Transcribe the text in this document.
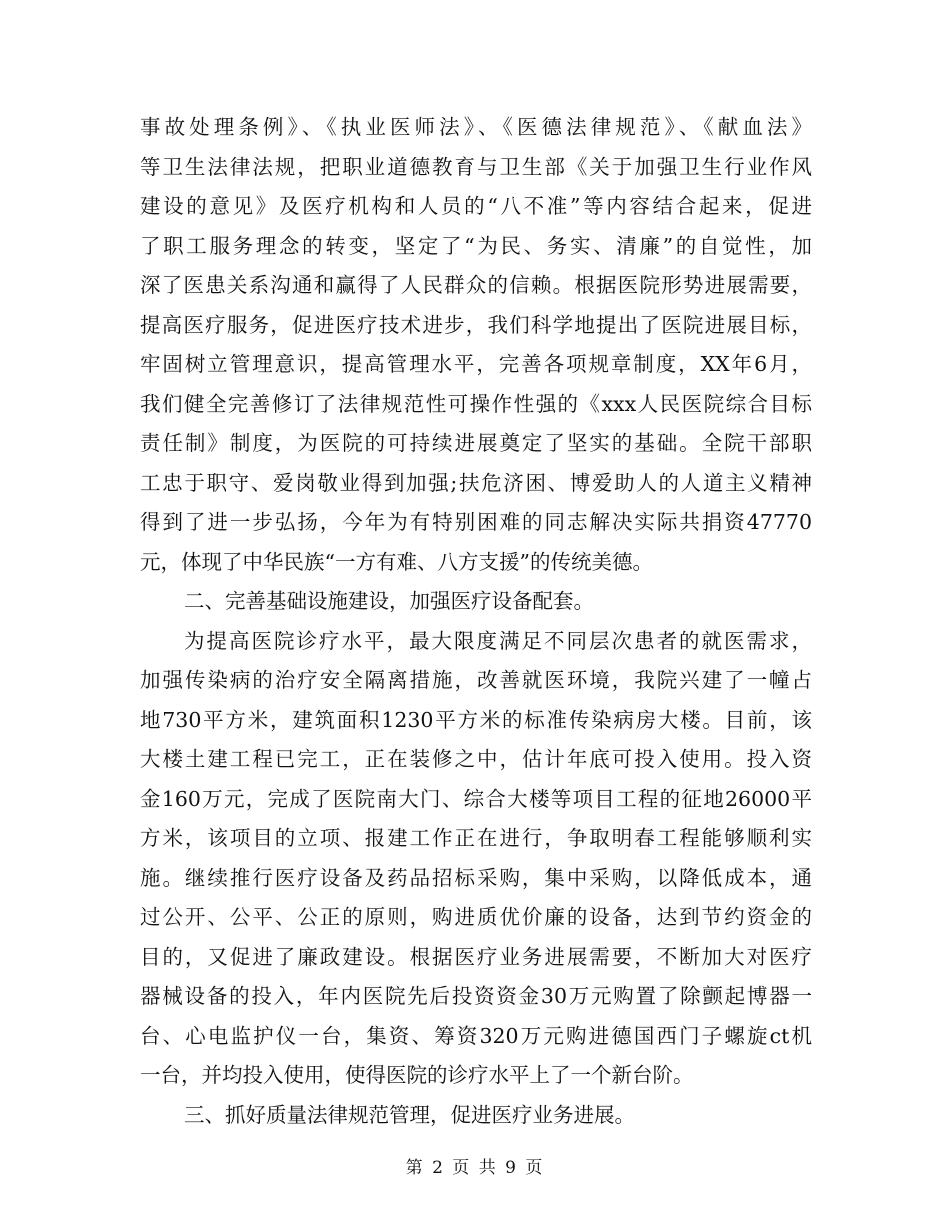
事故处理条例》、《执业医师法》、《医德法律规范》、《献血法》
等卫生法律法规，把职业道德教育与卫生部《关于加强卫生行业作风
建设的意见》及医疗机构和人员的“八不准”等内容结合起来，促进
了职工服务理念的转变，坚定了“为民、务实、清廉”的自觉性，加
深了医患关系沟通和赢得了人民群众的信赖。根据医院形势进展需要，
提高医疗服务，促进医疗技术进步，我们科学地提出了医院进展目标，
牢固树立管理意识，提高管理水平，完善各项规章制度，XX年6月，
我们健全完善修订了法律规范性可操作性强的《xxx人民医院综合目标
责任制》制度，为医院的可持续进展奠定了坚实的基础。全院干部职
工忠于职守、爱岗敬业得到加强;扶危济困、博爱助人的人道主义精神
得到了进一步弘扬，今年为有特别困难的同志解决实际共捐资47770
元，体现了中华民族“一方有难、八方支援”的传统美德。
二、完善基础设施建设，加强医疗设备配套。
为提高医院诊疗水平，最大限度满足不同层次患者的就医需求，
加强传染病的治疗安全隔离措施，改善就医环境，我院兴建了一幢占
地730平方米，建筑面积1230平方米的标准传染病房大楼。目前，该
大楼土建工程已完工，正在装修之中，估计年底可投入使用。投入资
金160万元，完成了医院南大门、综合大楼等项目工程的征地26000平
方米，该项目的立项、报建工作正在进行，争取明春工程能够顺利实
施。继续推行医疗设备及药品招标采购，集中采购，以降低成本，通
过公开、公平、公正的原则，购进质优价廉的设备，达到节约资金的
目的，又促进了廉政建设。根据医疗业务进展需要，不断加大对医疗
器械设备的投入，年内医院先后投资资金30万元购置了除颤起博器一
台、心电监护仪一台，集资、筹资320万元购进德国西门子螺旋ct机
一台，并均投入使用，使得医院的诊疗水平上了一个新台阶。
三、抓好质量法律规范管理，促进医疗业务进展。
第 2 页 共 9 页
